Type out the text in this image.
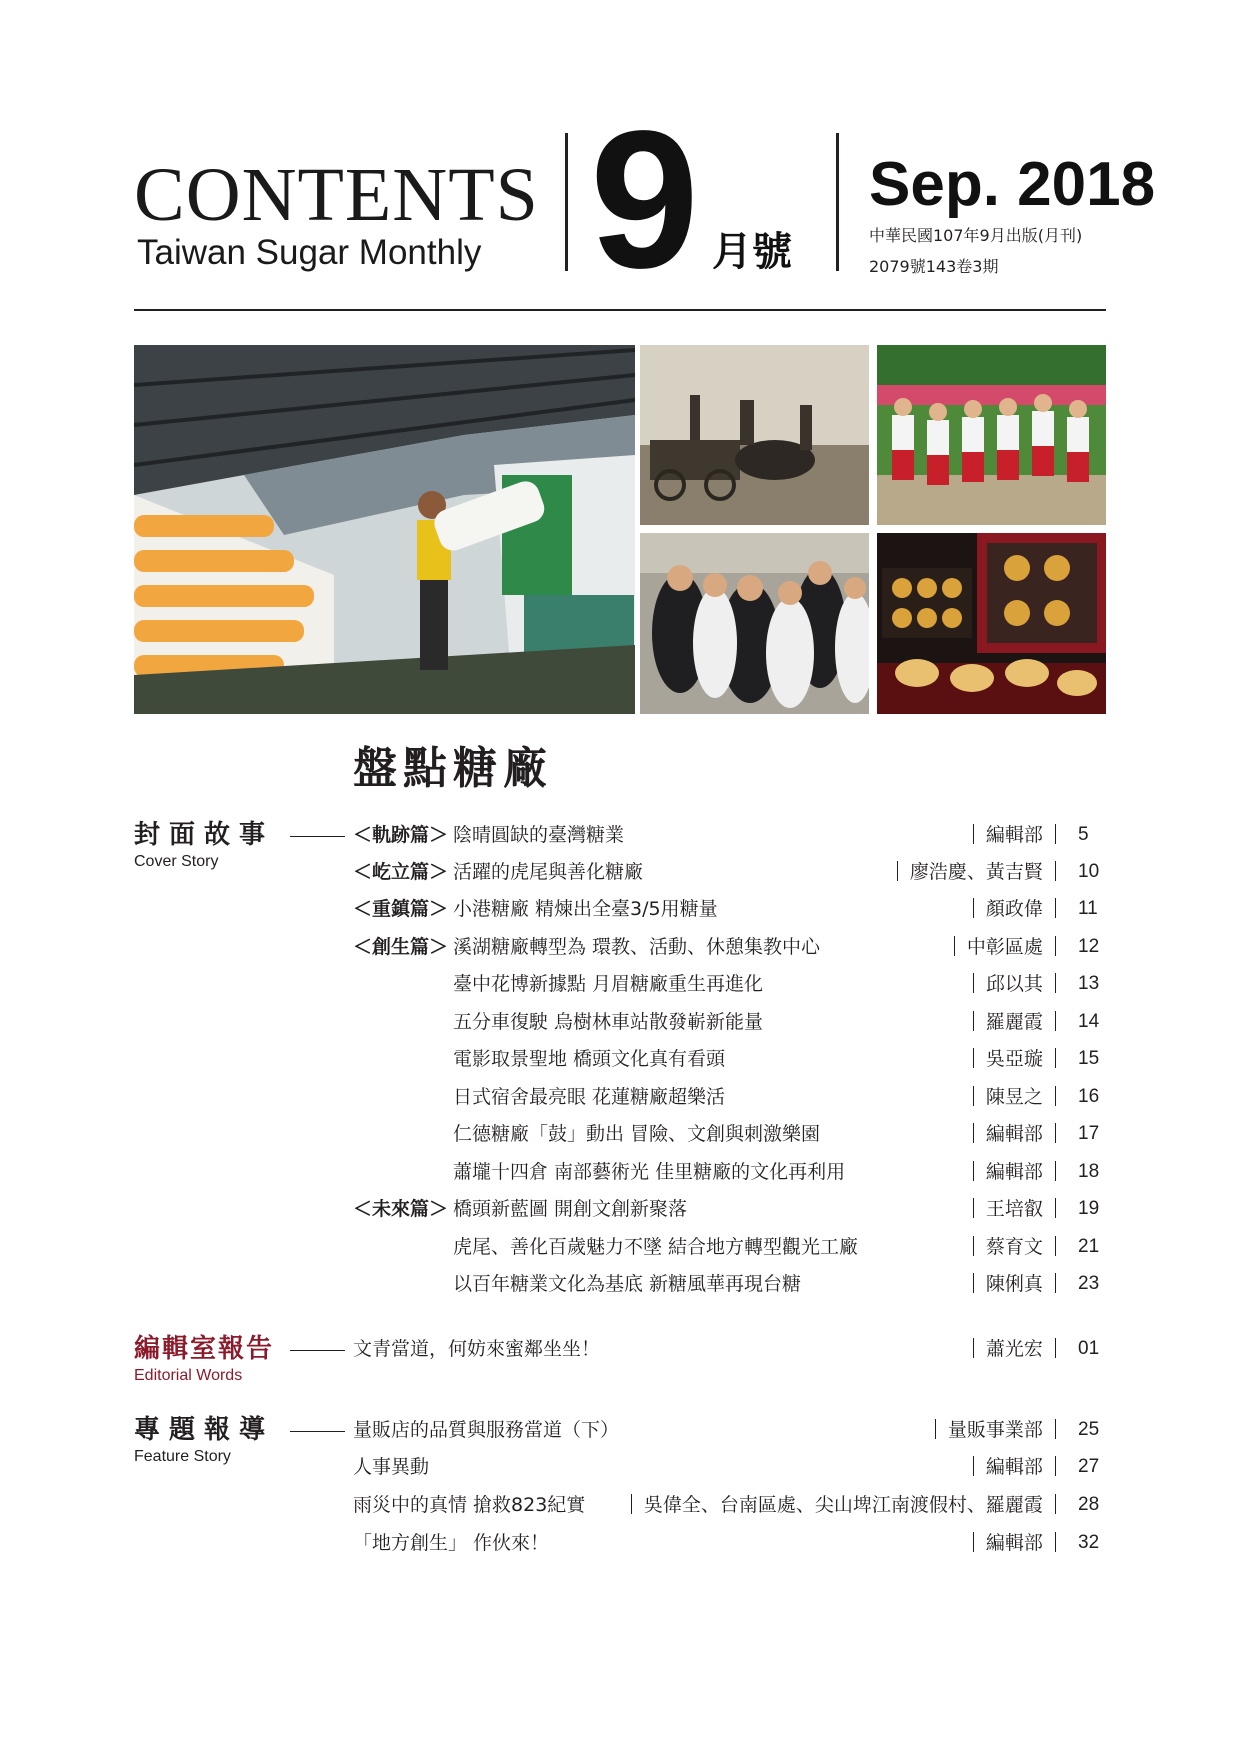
CONTENTS
Taiwan Sugar Monthly 9 月號
Sep. 2018
中華民國107年9月出版(月刊)
2079號143卷3期
盤點糖廠
封面故事
Cover Story
編輯室報告
Editorial Words
專題報導
Feature Story
＜軌跡篇＞ 陰晴圓缺的臺灣糖業	編輯部	5
＜屹立篇＞ 活躍的虎尾與善化糖廠	廖浩慶、黃吉賢	10
＜重鎮篇＞ 小港糖廠 精煉出全臺3/5用糖量	顏政偉	11
＜創生篇＞ 溪湖糖廠轉型為 環教、活動、休憩集教中心	中彰區處	12
臺中花博新據點 月眉糖廠重生再進化	邱以其	13
五分車復駛 烏樹林車站散發嶄新能量	羅麗霞	14
電影取景聖地 橋頭文化真有看頭	吳亞璇	15
日式宿舍最亮眼 花蓮糖廠超樂活	陳昱之	16
仁德糖廠「鼓」動出 冒險、文創與刺激樂園	編輯部	17
蕭壠十四倉 南部藝術光 佳里糖廠的文化再利用	編輯部	18
＜未來篇＞ 橋頭新藍圖 開創文創新聚落	王培叡	19
虎尾、善化百歲魅力不墜 結合地方轉型觀光工廠	蔡育文	21
以百年糖業文化為基底 新糖風華再現台糖	陳俐真	23
文青當道，何妨來蜜鄰坐坐！	蕭光宏	01
量販店的品質與服務當道（下）	量販事業部	25
人事異動	編輯部	27
雨災中的真情 搶救823紀實	吳偉全、台南區處、尖山埤江南渡假村、羅麗霞	28
「地方創生」 作伙來！	編輯部	32
